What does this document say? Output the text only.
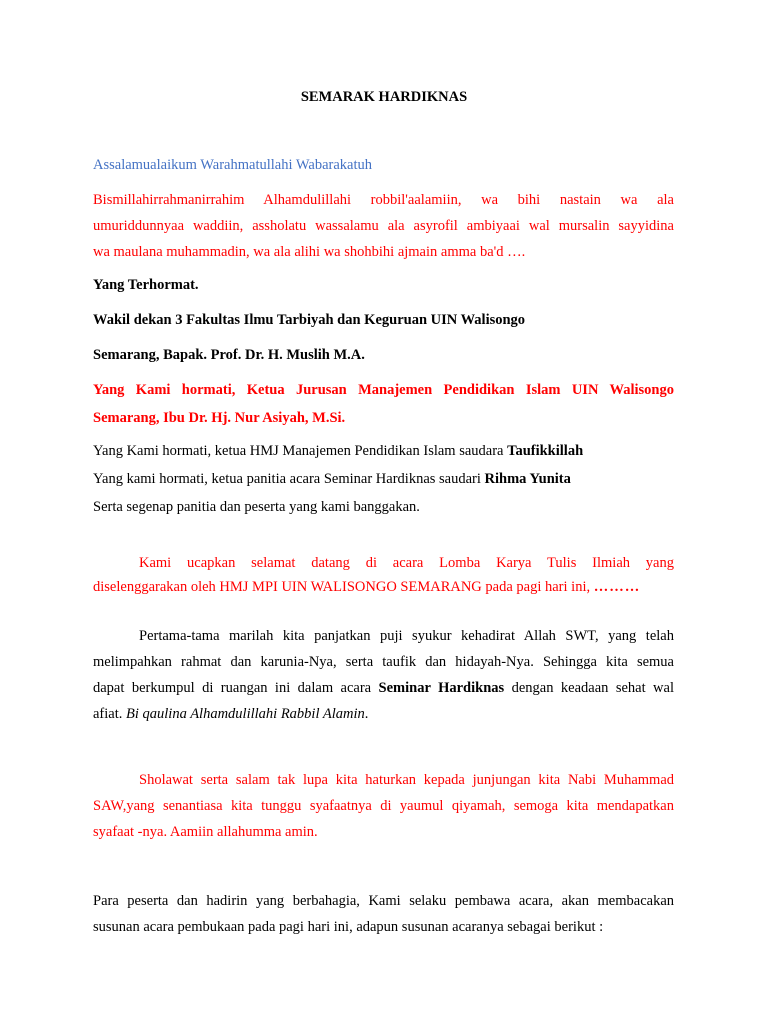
SEMARAK HARDIKNAS

Assalamualaikum Warahmatullahi Wabarakatuh

Bismillahirrahmanirrahim Alhamdulillahi robbil'aalamiin, wa bihi nastain wa ala
umuriddunnyaa waddiin, assholatu wassalamu ala asyrofil ambiyaai wal mursalin sayyidina
wa maulana muhammadin, wa ala alihi wa shohbihi ajmain amma ba'd ….

Yang Terhormat.

Wakil dekan 3 Fakultas Ilmu Tarbiyah dan Keguruan UIN Walisongo

Semarang, Bapak. Prof. Dr. H. Muslih M.A.

Yang Kami hormati, Ketua Jurusan Manajemen Pendidikan Islam UIN Walisongo
Semarang, Ibu Dr. Hj. Nur Asiyah, M.Si.
Yang Kami hormati, ketua HMJ Manajemen Pendidikan Islam saudara Taufikkillah
Yang kami hormati, ketua panitia acara Seminar Hardiknas saudari Rihma Yunita
Serta segenap panitia dan peserta yang kami banggakan.
Kami ucapkan selamat datang di acara Lomba Karya Tulis Ilmiah yang
diselenggarakan oleh HMJ MPI UIN WALISONGO SEMARANG pada pagi hari ini, ………
Pertama-tama marilah kita panjatkan puji syukur kehadirat Allah SWT, yang telah
melimpahkan rahmat dan karunia-Nya, serta taufik dan hidayah-Nya. Sehingga kita semua
dapat berkumpul di ruangan ini dalam acara Seminar Hardiknas dengan keadaan sehat wal
afiat. Bi qaulina Alhamdulillahi Rabbil Alamin.
Sholawat serta salam tak lupa kita haturkan kepada junjungan kita Nabi Muhammad
SAW,yang senantiasa kita tunggu syafaatnya di yaumul qiyamah, semoga kita mendapatkan
syafaat -nya. Aamiin allahumma amin.
Para peserta dan hadirin yang berbahagia, Kami selaku pembawa acara, akan membacakan
susunan acara pembukaan pada pagi hari ini, adapun susunan acaranya sebagai berikut :
